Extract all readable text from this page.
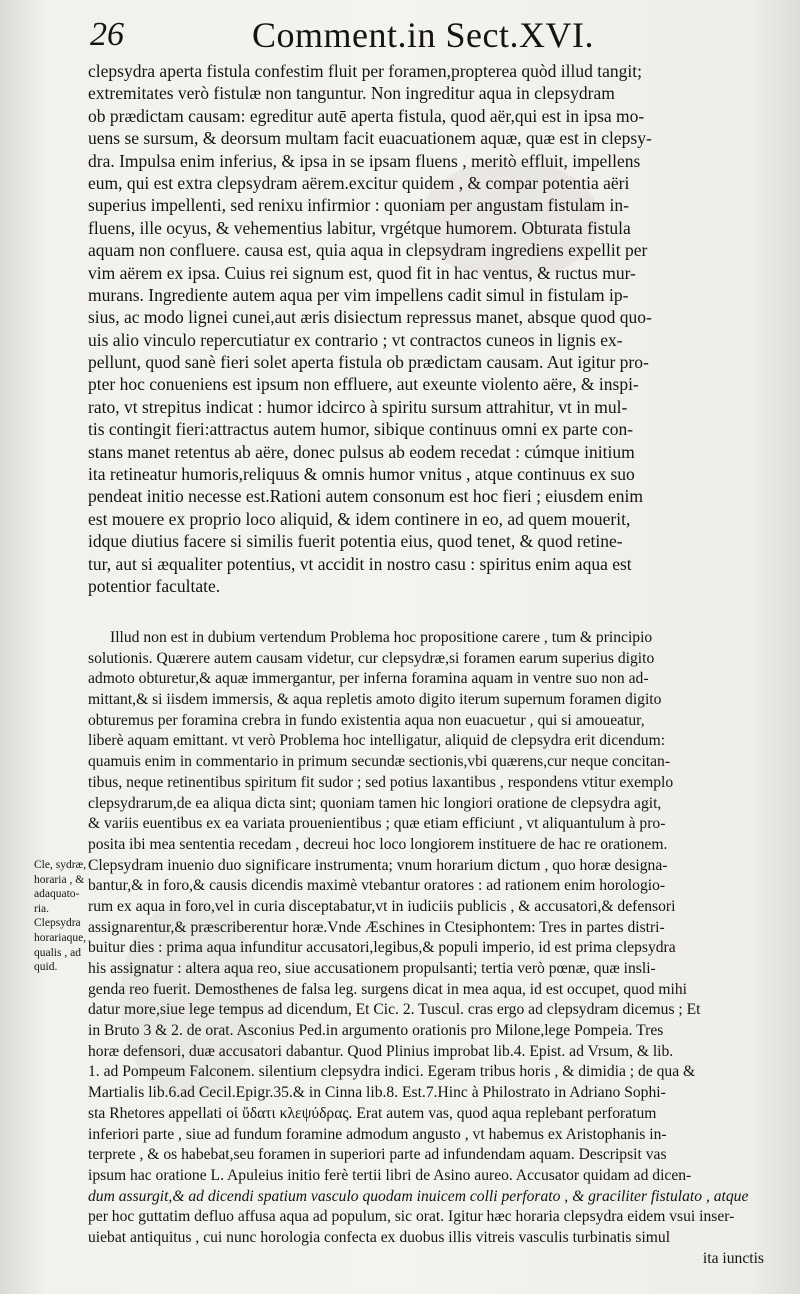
26	Comment.in Sect.XVI.
clepsydra aperta fistula confestim fluit per foramen,propterea quòd illud tangit;
extremitates verò fistulæ non tanguntur. Non ingreditur aqua in clepsydram
ob prædictam causam: egreditur autē aperta fistula, quod aër,qui est in ipsa mo-
uens se sursum, & deorsum multam facit euacuationem aquæ, quæ est in clepsy-
dra. Impulsa enim inferius, & ipsa in se ipsam fluens , meritò effluit, impellens
eum, qui est extra clepsydram aërem.excitur quidem , & compar potentia aëri
superius impellenti, sed renixu infirmior : quoniam per angustam fistulam in-
fluens, ille ocyus, & vehementius labitur, vrgétque humorem. Obturata fistula
aquam non confluere. causa est, quia aqua in clepsydram ingrediens expellit per
vim aërem ex ipsa. Cuius rei signum est, quod fit in hac ventus, & ructus mur-
murans. Ingrediente autem aqua per vim impellens cadit simul in fistulam ip-
sius, ac modo lignei cunei,aut æris disiectum repressus manet, absque quod quo-
uis alio vinculo repercutiatur ex contrario ; vt contractos cuneos in lignis ex-
pellunt, quod sanè fieri solet aperta fistula ob prædictam causam. Aut igitur pro-
pter hoc conueniens est ipsum non effluere, aut exeunte violento aëre, & inspi-
rato, vt strepitus indicat : humor idcirco à spiritu sursum attrahitur, vt in mul-
tis contingit fieri:attractus autem humor, sibique continuus omni ex parte con-
stans manet retentus ab aëre, donec pulsus ab eodem recedat : cúmque initium
ita retineatur humoris,reliquus & omnis humor vnitus , atque continuus ex suo
pendeat initio necesse est.Rationi autem consonum est hoc fieri ; eiusdem enim
est mouere ex proprio loco aliquid, & idem continere in eo, ad quem mouerit,
idque diutius facere si similis fuerit potentia eius, quod tenet, & quod retine-
tur, aut si æqualiter potentius, vt accidit in nostro casu : spiritus enim aqua est
potentior facultate.
Illud non est in dubium vertendum Problema hoc propositione carere , tum & principio
solutionis. Quærere autem causam videtur, cur clepsydræ,si foramen earum superius digito
admoto obturetur,& aquæ immergantur, per inferna foramina aquam in ventre suo non ad-
mittant,& si iisdem immersis, & aqua repletis amoto digito iterum supernum foramen digito
obturemus per foramina crebra in fundo existentia aqua non euacuetur , qui si amoueatur,
liberè aquam emittant. vt verò Problema hoc intelligatur, aliquid de clepsydra erit dicendum:
quamuis enim in commentario in primum secundæ sectionis,vbi quærens,cur neque concitan-
tibus, neque retinentibus spiritum fit sudor ; sed potius laxantibus , respondens vtitur exemplo
clepsydrarum,de ea aliqua dicta sint; quoniam tamen hic longiori oratione de clepsydra agit,
& variis euentibus ex ea variata prouenientibus ; quæ etiam efficiunt , vt aliquantulum à pro-
posita ibi mea sententia recedam , decreui hoc loco longiorem instituere de hac re orationem.
Clepsydram inuenio duo significare instrumenta; vnum horarium dictum , quo horæ designa-
bantur,& in foro,& causis dicendis maximè vtebantur oratores : ad rationem enim horologio-
rum ex aqua in foro,vel in curia disceptabatur,vt in iudiciis publicis , & accusatori,& defensori
assignarentur,& præscriberentur horæ.Vnde Æschines in Ctesiphontem: Tres in partes distri-
buitur dies : prima aqua infunditur accusatori,legibus,& populi imperio, id est prima clepsydra
his assignatur : altera aqua reo, siue accusationem propulsanti; tertia verò pœnæ, quæ insli-
genda reo fuerit. Demosthenes de falsa leg. surgens dicat in mea aqua, id est occupet, quod mihi
datur more,siue lege tempus ad dicendum, Et Cic. 2. Tuscul. cras ergo ad clepsydram dicemus ; Et
in Bruto 3 & 2. de orat. Asconius Ped.in argumento orationis pro Milone,lege Pompeia. Tres
horæ defensori, duæ accusatori dabantur. Quod Plinius improbat lib.4. Epist. ad Vrsum, & lib.
1. ad Pompeum Falconem. silentium clepsydra indici. Egeram tribus horis , & dimidia ; de qua &
Martialis lib.6.ad Cecil.Epigr.35.& in Cinna lib.8. Est.7.Hinc à Philostrato in Adriano Sophi-
sta Rhetores appellati οἱ ὕδατι κλεψύδρας. Erat autem vas, quod aqua replebant perforatum
inferiori parte , siue ad fundum foramine admodum angusto , vt habemus ex Aristophanis in-
terprete , & os habebat,seu foramen in superiori parte ad infundendam aquam. Descripsit vas
ipsum hac oratione L. Apuleius initio ferè tertii libri de Asino aureo. Accusator quidam ad dicen-
dum assurgit,& ad dicendi spatium vasculo quodam inuicem colli perforato , & graciliter fistulato , atque
per hoc guttatim defluo affusa aqua ad populum, sic orat. Igitur hæc horaria clepsydra eidem vsui inser-
uiebat antiquitus , cui nunc horologia confecta ex duobus illis vitreis vasculis turbinatis simul
ita iunctis
Cle, sydræ,
horaria , &
adaquato-
ria.
Clepsydra
horariaque,
qualis , ad
quid.
